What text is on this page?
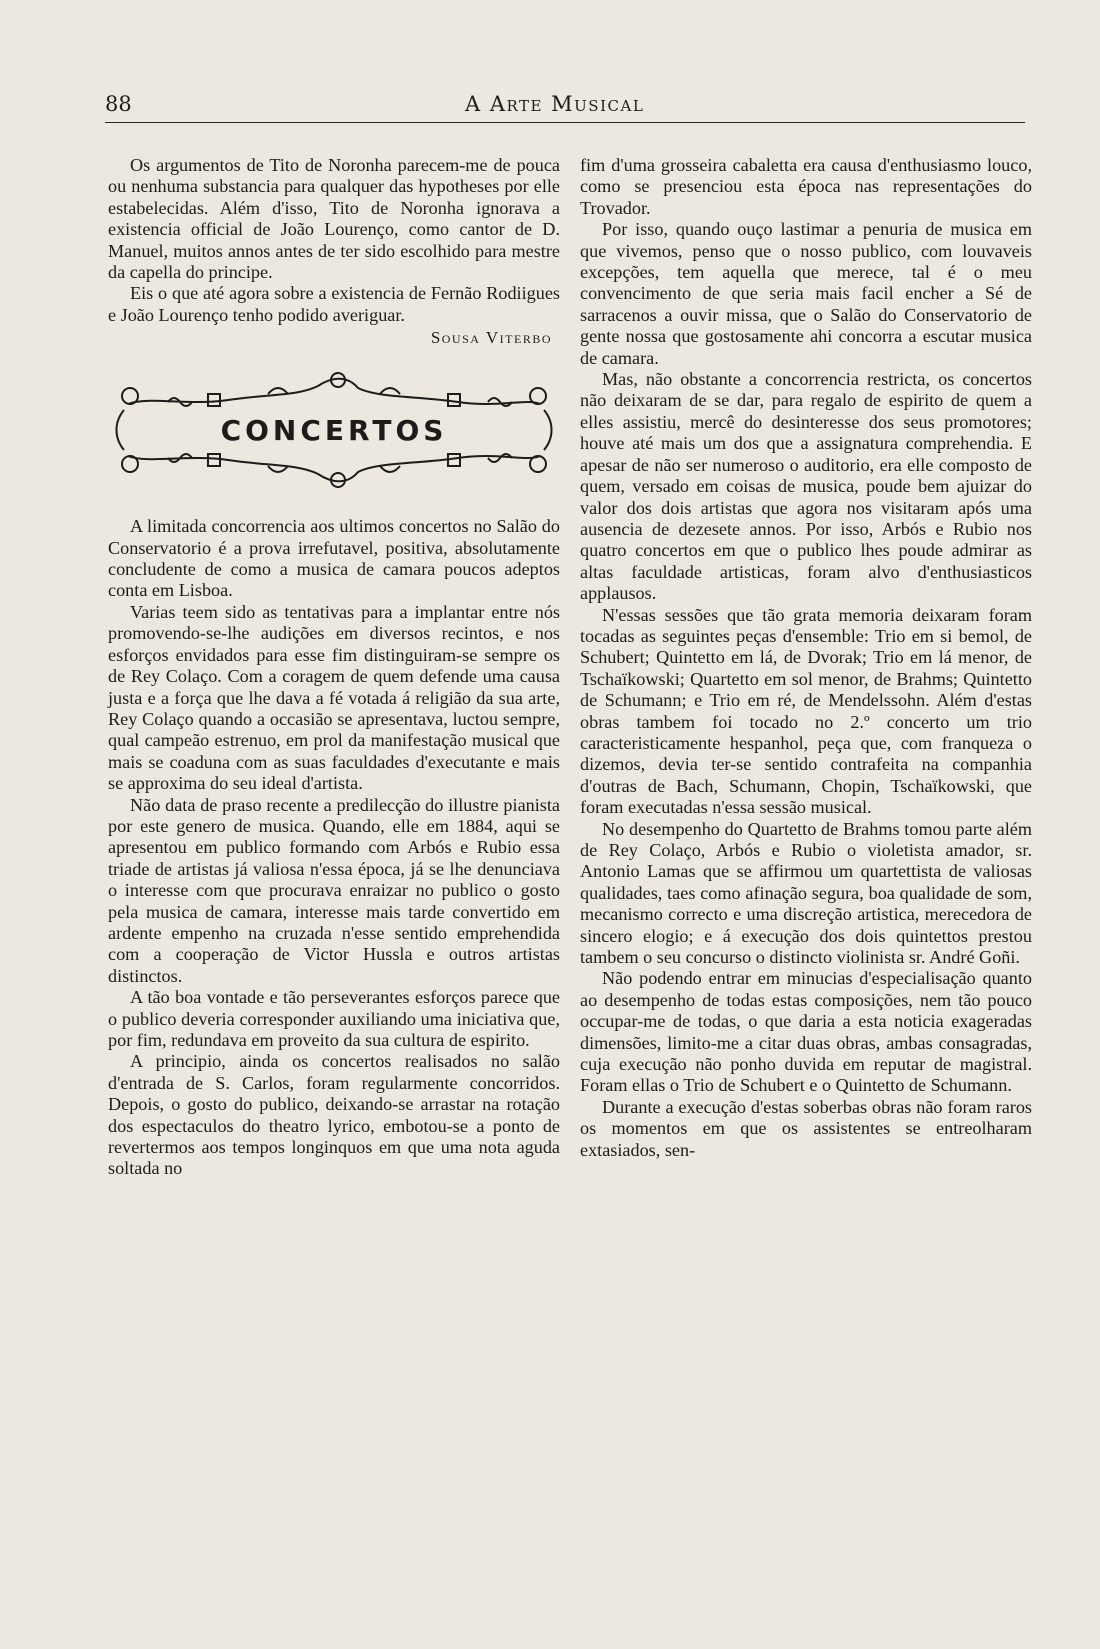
88	A Arte Musical

Os argumentos de Tito de Noronha parecem-me de pouca ou nenhuma substancia para qualquer das hypotheses por elle estabelecidas. Além d'isso, Tito de Noronha ignorava a existencia official de João Lourenço, como cantor de D. Manuel, muitos annos antes de ter sido escolhido para mestre da capella do principe.

Eis o que até agora sobre a existencia de Fernão Rodiigues e João Lourenço tenho podido averiguar.

Sousa Viterbo
CONCERTOS

A limitada concorrencia aos ultimos concertos no Salão do Conservatorio é a prova irrefutavel, positiva, absolutamente concludente de como a musica de camara poucos adeptos conta em Lisboa.

Varias teem sido as tentativas para a implantar entre nós promovendo-se-lhe audições em diversos recintos, e nos esforços envidados para esse fim distinguiram-se sempre os de Rey Colaço. Com a coragem de quem defende uma causa justa e a força que lhe dava a fé votada á religião da sua arte, Rey Colaço quando a occasião se apresentava, luctou sempre, qual campeão estrenuo, em prol da manifestação musical que mais se coaduna com as suas faculdades d'executante e mais se approxima do seu ideal d'artista.

Não data de praso recente a predilecção do illustre pianista por este genero de musica. Quando, elle em 1884, aqui se apresentou em publico formando com Arbós e Rubio essa triade de artistas já valiosa n'essa época, já se lhe denunciava o interesse com que procurava enraizar no publico o gosto pela musica de camara, interesse mais tarde convertido em ardente empenho na cruzada n'esse sentido emprehendida com a cooperação de Victor Hussla e outros artistas distinctos.

A tão boa vontade e tão perseverantes esforços parece que o publico deveria corresponder auxiliando uma iniciativa que, por fim, redundava em proveito da sua cultura de espirito.

A principio, ainda os concertos realisados no salão d'entrada de S. Carlos, foram regularmente concorridos. Depois, o gosto do publico, deixando-se arrastar na rotação dos espectaculos do theatro lyrico, embotou-se a ponto de revertermos aos tempos longinquos em que uma nota aguda soltada no

fim d'uma grosseira cabaletta era causa d'enthusiasmo louco, como se presenciou esta época nas representações do Trovador.

Por isso, quando ouço lastimar a penuria de musica em que vivemos, penso que o nosso publico, com louvaveis excepções, tem aquella que merece, tal é o meu convencimento de que seria mais facil encher a Sé de sarracenos a ouvir missa, que o Salão do Conservatorio de gente nossa que gostosamente ahi concorra a escutar musica de camara.

Mas, não obstante a concorrencia restricta, os concertos não deixaram de se dar, para regalo de espirito de quem a elles assistiu, mercê do desinteresse dos seus promotores; houve até mais um dos que a assignatura comprehendia. E apesar de não ser numeroso o auditorio, era elle composto de quem, versado em coisas de musica, poude bem ajuizar do valor dos dois artistas que agora nos visitaram após uma ausencia de dezesete annos. Por isso, Arbós e Rubio nos quatro concertos em que o publico lhes poude admirar as altas faculdade artisticas, foram alvo d'enthusiasticos applausos.

N'essas sessões que tão grata memoria deixaram foram tocadas as seguintes peças d'ensemble: Trio em si bemol, de Schubert; Quintetto em lá, de Dvorak; Trio em lá menor, de Tschaïkowski; Quartetto em sol menor, de Brahms; Quintetto de Schumann; e Trio em ré, de Mendelssohn. Além d'estas obras tambem foi tocado no 2.º concerto um trio caracteristicamente hespanhol, peça que, com franqueza o dizemos, devia ter-se sentido contrafeita na companhia d'outras de Bach, Schumann, Chopin, Tschaïkowski, que foram executadas n'essa sessão musical.

No desempenho do Quartetto de Brahms tomou parte além de Rey Colaço, Arbós e Rubio o violetista amador, sr. Antonio Lamas que se affirmou um quartettista de valiosas qualidades, taes como afinação segura, boa qualidade de som, mecanismo correcto e uma discreção artistica, merecedora de sincero elogio; e á execução dos dois quintettos prestou tambem o seu concurso o distincto violinista sr. André Goñi.

Não podendo entrar em minucias d'especialisação quanto ao desempenho de todas estas composições, nem tão pouco occupar-me de todas, o que daria a esta noticia exageradas dimensões, limito-me a citar duas obras, ambas consagradas, cuja execução não ponho duvida em reputar de magistral. Foram ellas o Trio de Schubert e o Quintetto de Schumann.

Durante a execução d'estas soberbas obras não foram raros os momentos em que os assistentes se entreolharam extasiados, sen-
